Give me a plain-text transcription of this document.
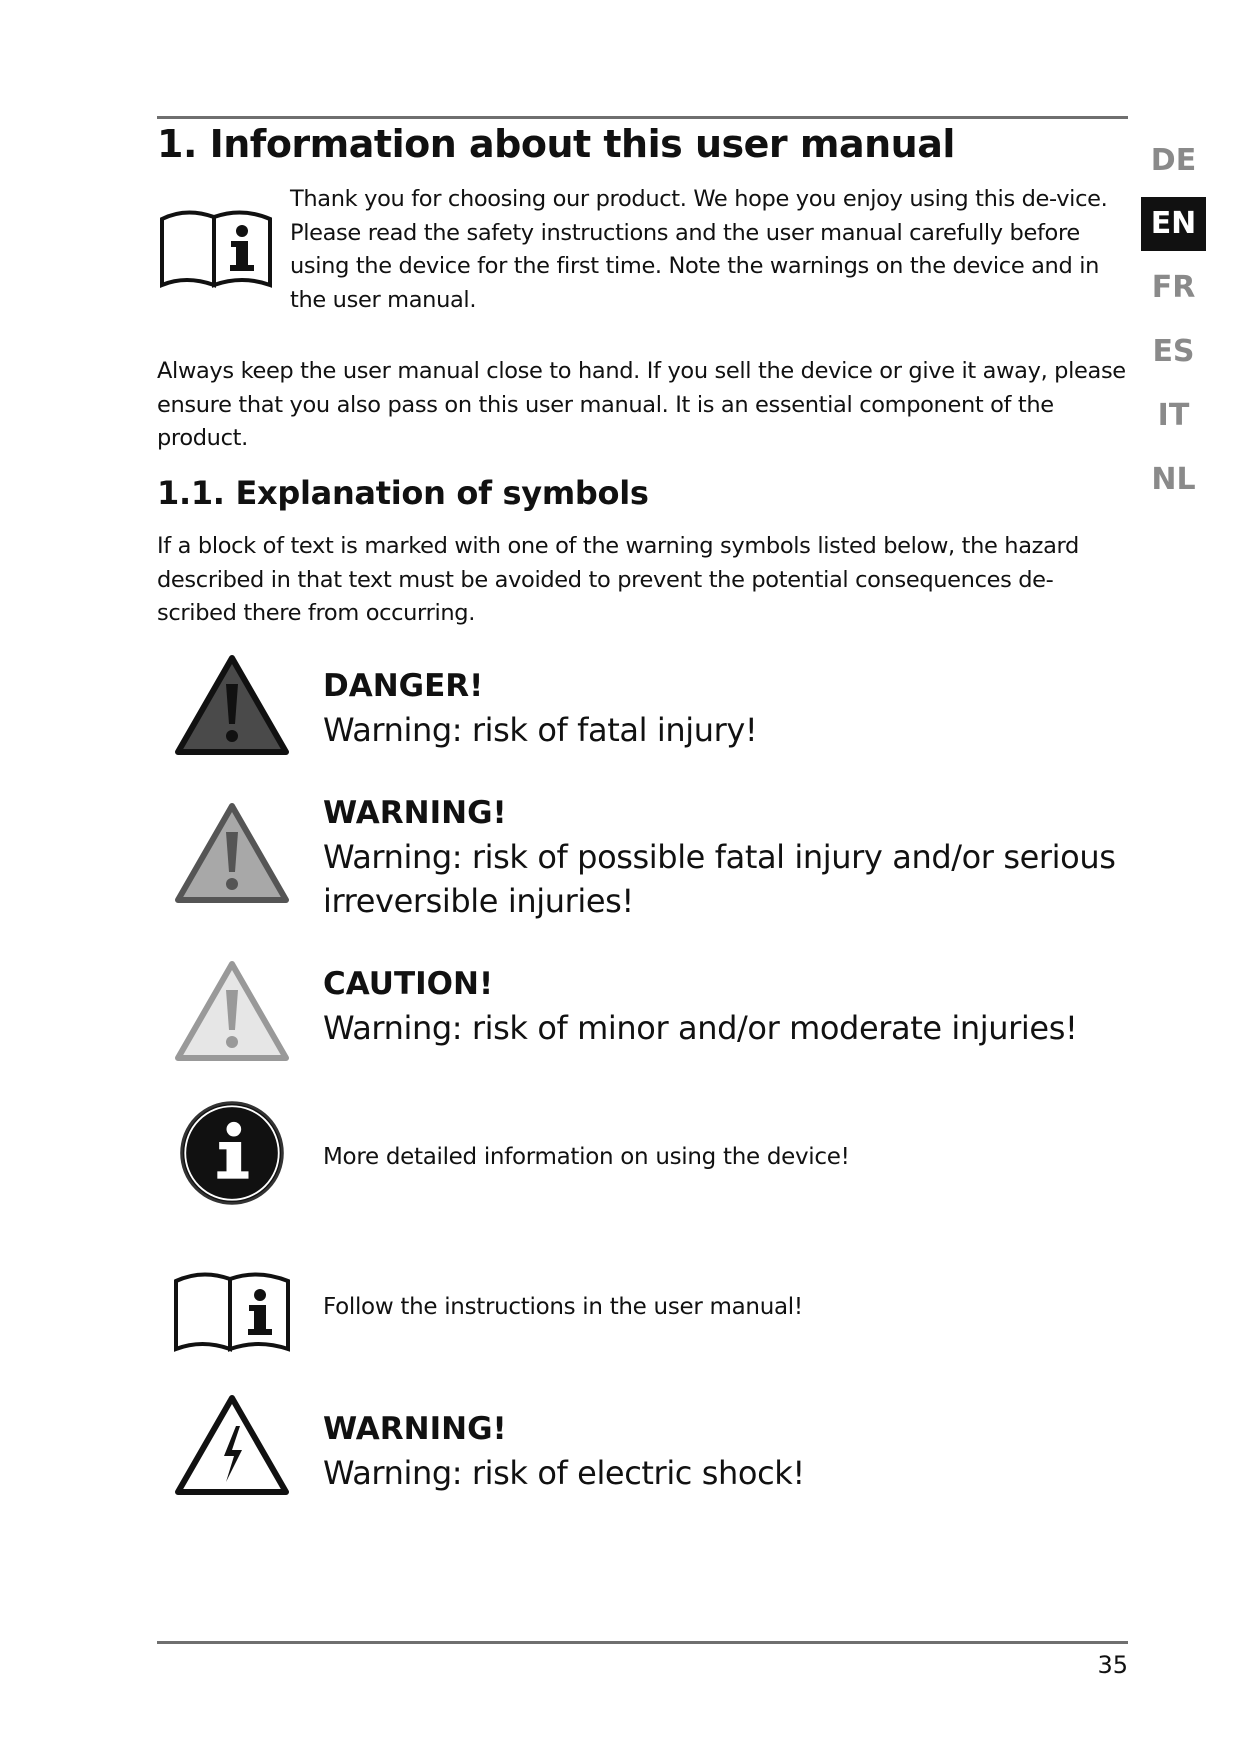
1. Information about this user manual

Thank you for choosing our product. We hope you enjoy using this de-vice.

Please read the safety instructions and the user manual carefully before using the device for the first time. Note the warnings on the device and in the user manual.

Always keep the user manual close to hand. If you sell the device or give it away, please ensure that you also pass on this user manual. It is an essential component of the product.

1.1. Explanation of symbols

If a block of text is marked with one of the warning symbols listed below, the hazard described in that text must be avoided to prevent the potential consequences de-scribed there from occurring.

DANGER!

Warning: risk of fatal injury!

WARNING!

Warning: risk of possible fatal injury and/or serious irreversible injuries!

CAUTION!

Warning: risk of minor and/or moderate injuries!

More detailed information on using the device!

Follow the instructions in the user manual!

WARNING!

Warning: risk of electric shock!

DE
EN
FR
ES
IT
NL
35
